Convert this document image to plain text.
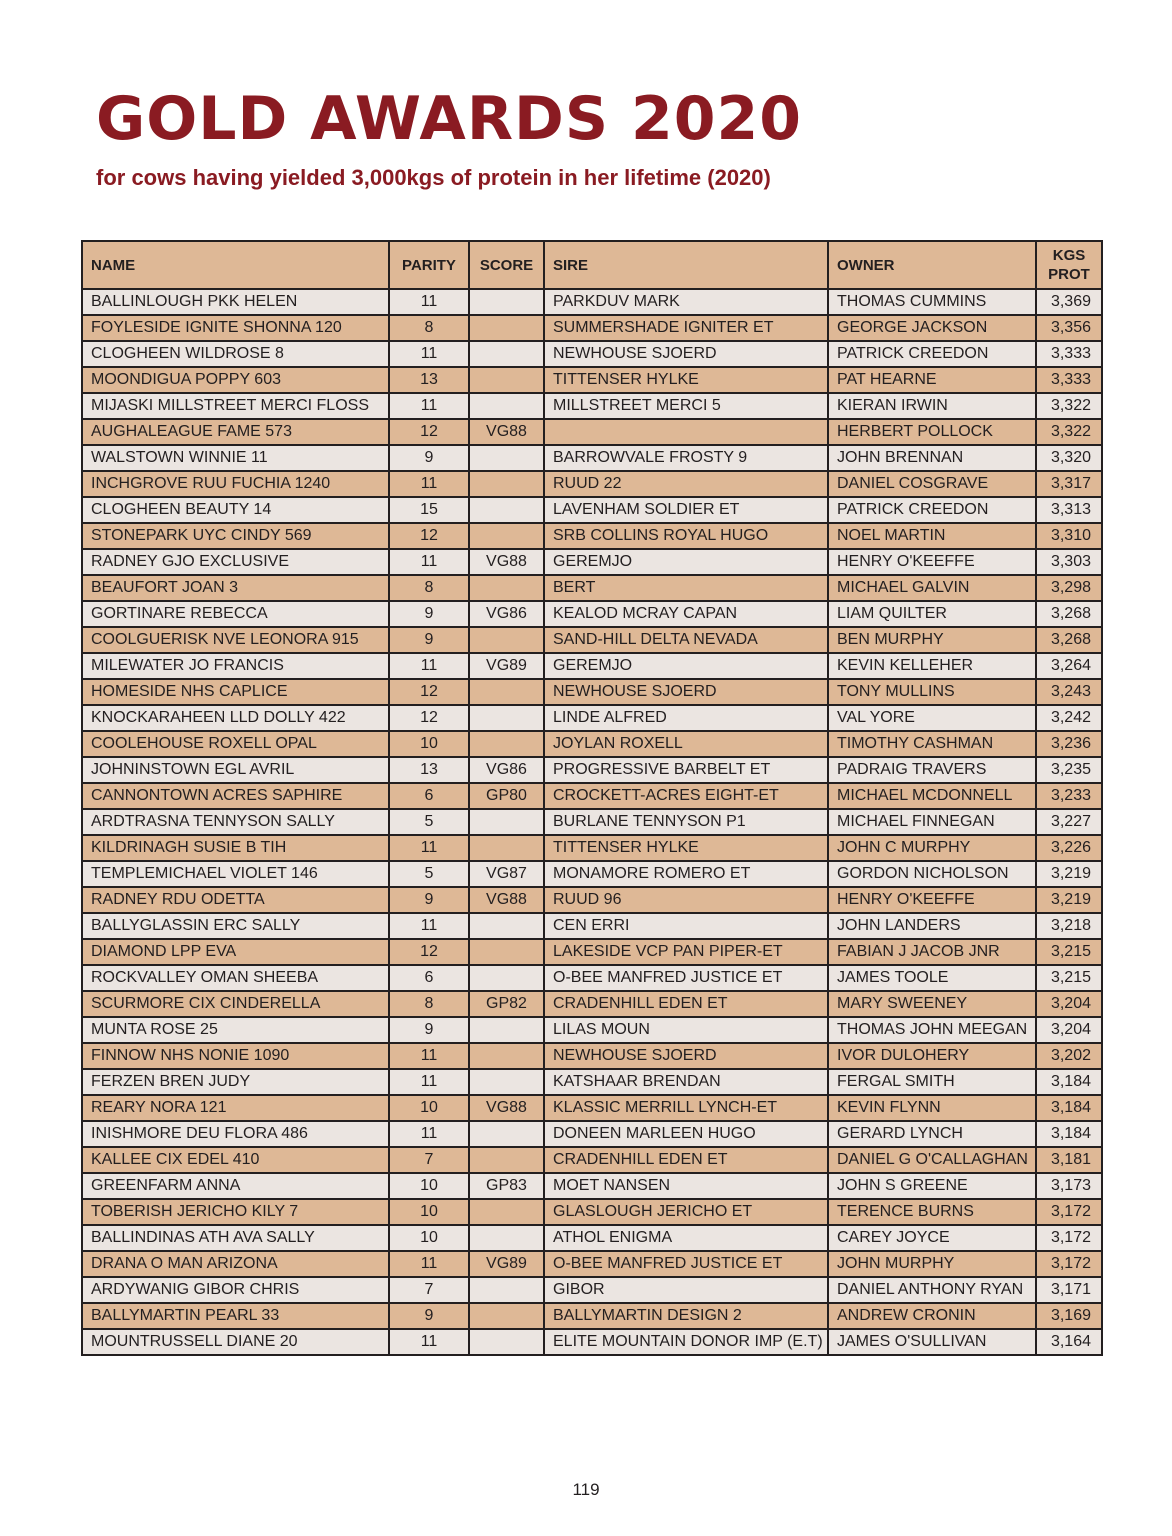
GOLD AWARDS 2020
for cows having yielded 3,000kgs of protein in her lifetime (2020)
NAME	PARITY	SCORE	SIRE	OWNER	KGS
PROT
BALLINLOUGH PKK HELEN	11		PARKDUV MARK	THOMAS CUMMINS	3,369
FOYLESIDE IGNITE SHONNA 120	8		SUMMERSHADE IGNITER ET	GEORGE JACKSON	3,356
CLOGHEEN WILDROSE 8	11		NEWHOUSE SJOERD	PATRICK CREEDON	3,333
MOONDIGUA POPPY 603	13		TITTENSER HYLKE	PAT HEARNE	3,333
MIJASKI MILLSTREET MERCI FLOSS	11		MILLSTREET MERCI 5	KIERAN IRWIN	3,322
AUGHALEAGUE FAME 573	12	VG88		HERBERT POLLOCK	3,322
WALSTOWN WINNIE 11	9		BARROWVALE FROSTY 9	JOHN BRENNAN	3,320
INCHGROVE RUU FUCHIA 1240	11		RUUD 22	DANIEL COSGRAVE	3,317
CLOGHEEN BEAUTY 14	15		LAVENHAM SOLDIER ET	PATRICK CREEDON	3,313
STONEPARK UYC CINDY 569	12		SRB COLLINS ROYAL HUGO	NOEL MARTIN	3,310
RADNEY GJO EXCLUSIVE	11	VG88	GEREMJO	HENRY O'KEEFFE	3,303
BEAUFORT JOAN 3	8		BERT	MICHAEL GALVIN	3,298
GORTINARE REBECCA	9	VG86	KEALOD MCRAY CAPAN	LIAM QUILTER	3,268
COOLGUERISK NVE LEONORA 915	9		SAND-HILL DELTA NEVADA	BEN MURPHY	3,268
MILEWATER JO FRANCIS	11	VG89	GEREMJO	KEVIN KELLEHER	3,264
HOMESIDE NHS CAPLICE	12		NEWHOUSE SJOERD	TONY MULLINS	3,243
KNOCKARAHEEN LLD DOLLY 422	12		LINDE ALFRED	VAL YORE	3,242
COOLEHOUSE ROXELL OPAL	10		JOYLAN ROXELL	TIMOTHY CASHMAN	3,236
JOHNINSTOWN EGL AVRIL	13	VG86	PROGRESSIVE BARBELT ET	PADRAIG TRAVERS	3,235
CANNONTOWN ACRES SAPHIRE	6	GP80	CROCKETT-ACRES EIGHT-ET	MICHAEL MCDONNELL	3,233
ARDTRASNA TENNYSON SALLY	5		BURLANE TENNYSON P1	MICHAEL FINNEGAN	3,227
KILDRINAGH SUSIE B TIH	11		TITTENSER HYLKE	JOHN C MURPHY	3,226
TEMPLEMICHAEL VIOLET 146	5	VG87	MONAMORE ROMERO ET	GORDON NICHOLSON	3,219
RADNEY RDU ODETTA	9	VG88	RUUD 96	HENRY O'KEEFFE	3,219
BALLYGLASSIN ERC SALLY	11		CEN ERRI	JOHN LANDERS	3,218
DIAMOND LPP EVA	12		LAKESIDE VCP PAN PIPER-ET	FABIAN J JACOB JNR	3,215
ROCKVALLEY OMAN SHEEBA	6		O-BEE MANFRED JUSTICE ET	JAMES TOOLE	3,215
SCURMORE CIX CINDERELLA	8	GP82	CRADENHILL EDEN ET	MARY SWEENEY	3,204
MUNTA ROSE 25	9		LILAS MOUN	THOMAS JOHN MEEGAN	3,204
FINNOW NHS NONIE 1090	11		NEWHOUSE SJOERD	IVOR DULOHERY	3,202
FERZEN BREN JUDY	11		KATSHAAR BRENDAN	FERGAL SMITH	3,184
REARY NORA 121	10	VG88	KLASSIC MERRILL LYNCH-ET	KEVIN FLYNN	3,184
INISHMORE DEU FLORA 486	11		DONEEN MARLEEN HUGO	GERARD LYNCH	3,184
KALLEE CIX EDEL 410	7		CRADENHILL EDEN ET	DANIEL G O'CALLAGHAN	3,181
GREENFARM ANNA	10	GP83	MOET NANSEN	JOHN S GREENE	3,173
TOBERISH JERICHO KILY 7	10		GLASLOUGH JERICHO ET	TERENCE BURNS	3,172
BALLINDINAS ATH AVA SALLY	10		ATHOL ENIGMA	CAREY JOYCE	3,172
DRANA O MAN ARIZONA	11	VG89	O-BEE MANFRED JUSTICE ET	JOHN MURPHY	3,172
ARDYWANIG GIBOR CHRIS	7		GIBOR	DANIEL ANTHONY RYAN	3,171
BALLYMARTIN PEARL 33	9		BALLYMARTIN DESIGN 2	ANDREW CRONIN	3,169
MOUNTRUSSELL DIANE 20	11		ELITE MOUNTAIN DONOR IMP (E.T)	JAMES O'SULLIVAN	3,164
119
